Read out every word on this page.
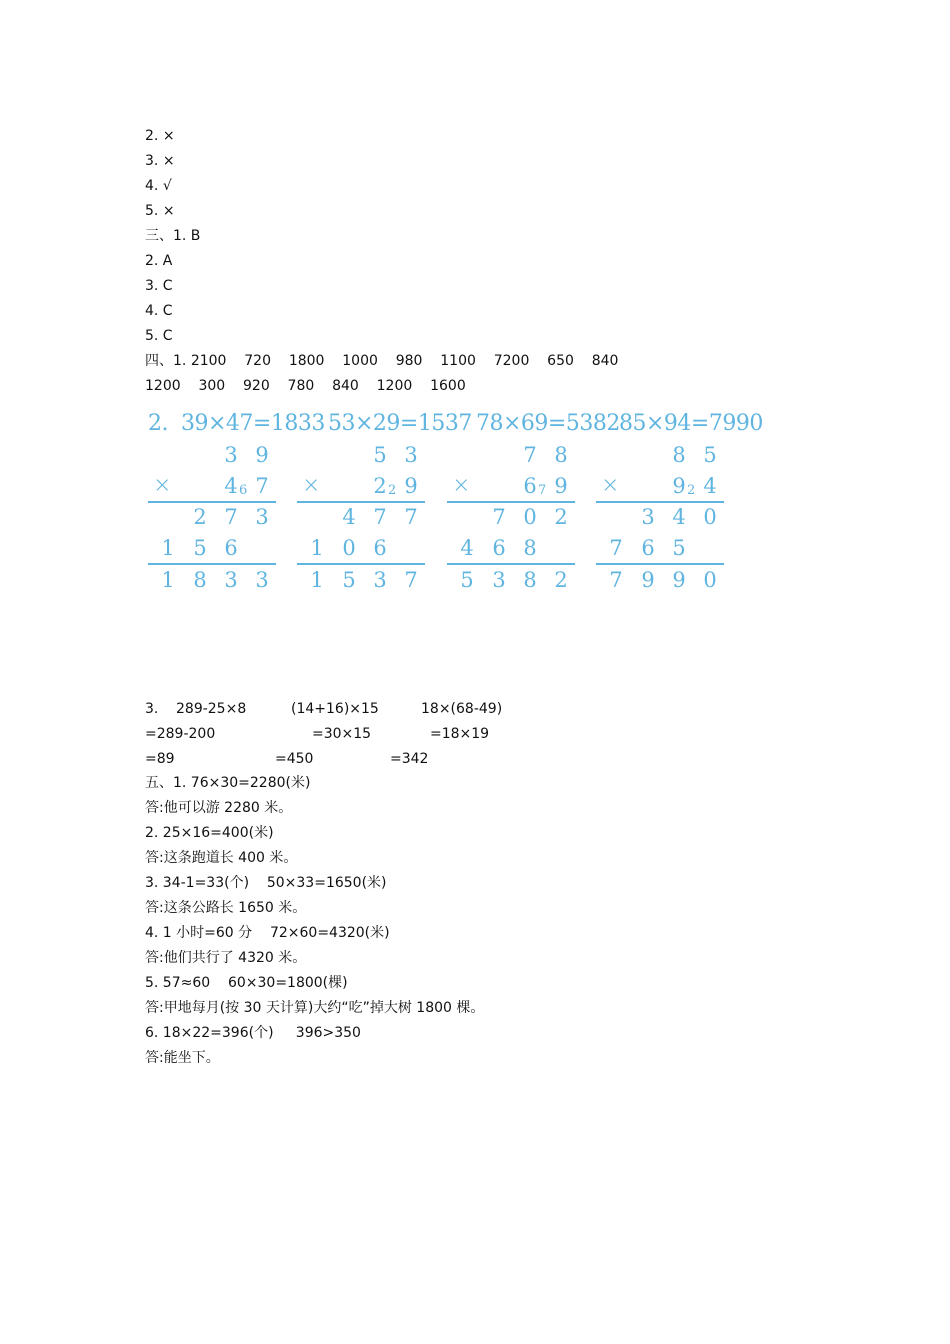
2. ×
3. ×
4. √
5. ×
三、1. B
2. A
3. C
4. C
5. C
四、1. 2100 720 1800 1000 980 1100 7200 650 840
1200 300 920 780 840 1200 1600
2. 39×47=1833 53×29=1537 78×69=5382 85×94=7990
3 9
×	4 6 7
2 7 3
1 5 6
1 8 3 3
5 3
×	2 2 9
4 7 7
1 0 6
1 5 3 7
7 8
×	6 7 9
7 0 2
4 6 8
5 3 8 2
8 5
×	9 2 4
3 4 0
7 6 5
7 9 9 0
3. 289-25×8
=289-200
=89
(14+16)×15
=30×15
=450
18×(68-49)
=18×19
=342
五、1. 76×30=2280(米)
答:他可以游 2280 米。
2. 25×16=400(米)
答:这条跑道长 400 米。
3. 34-1=33(个)    50×33=1650(米)
答:这条公路长 1650 米。
4. 1 小时=60 分    72×60=4320(米)
答:他们共行了 4320 米。
5. 57≈60    60×30=1800(棵)
答:甲地每月(按 30 天计算)大约“吃”掉大树 1800 棵。
6. 18×22=396(个)     396>350
答:能坐下。
